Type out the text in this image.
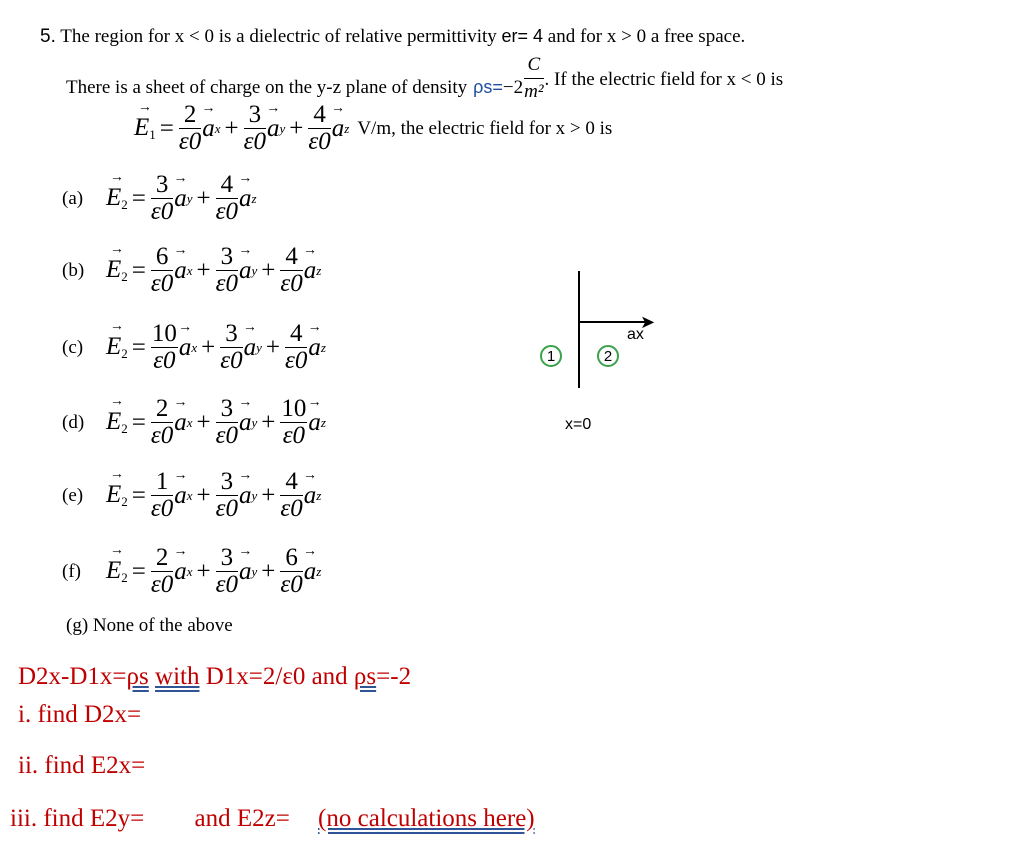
5. The region for x < 0 is a dielectric of relative permittivity er= 4 and for x > 0 a free space.
There is a sheet of charge on the y-z plane of density $\rho s= -2 \frac{C}{\text{m²}}$ . If the electric field for x < 0 is
→ $E_1 = \frac{2}{\varepsilon 0} \to a$ $x + \frac{3}{\varepsilon 0} \to a$ $y + \frac{4}{\varepsilon 0} \to a$ z V/m, the electric field for x > 0 is
$(a) \to E_2 = \frac{3}{\varepsilon 0} \to a$ $y + \frac{4}{\varepsilon 0} \to a$ z
$(b) \to E_2 = \frac{6}{\varepsilon 0} \to a$ $x + \frac{3}{\varepsilon 0} \to a$ $y + \frac{4}{\varepsilon 0} \to a$ z
$(c) \to E_2 = \frac{10}{\varepsilon 0} \to a$ $x + \frac{3}{\varepsilon 0} \to a$ $y + \frac{4}{\varepsilon 0} \to a$ z
$(d) \to E_2 = \frac{2}{\varepsilon 0} \to a$ $x + \frac{3}{\varepsilon 0} \to a$ $y + \frac{10}{\varepsilon 0} \to a$ z
$(e) \to E_2 = \frac{1}{\varepsilon 0} \to a$ $x + \frac{3}{\varepsilon 0} \to a$ $y + \frac{4}{\varepsilon 0} \to a$ z
(f)	→ $E_2 = \frac{2}{\varepsilon 0} \to a$ $x + \frac{3}{\varepsilon 0} \to a$ $y + \frac{6}{\varepsilon 0} \to a$ z
(g) None of the above
➤
ax
1	2
x=0
D2x-D1x=ρs with D1x=2/ε0 and ρs=-2
i. find D2x=
ii. find E2x=
iii. find E2y= and E2z= (no calculations here)
